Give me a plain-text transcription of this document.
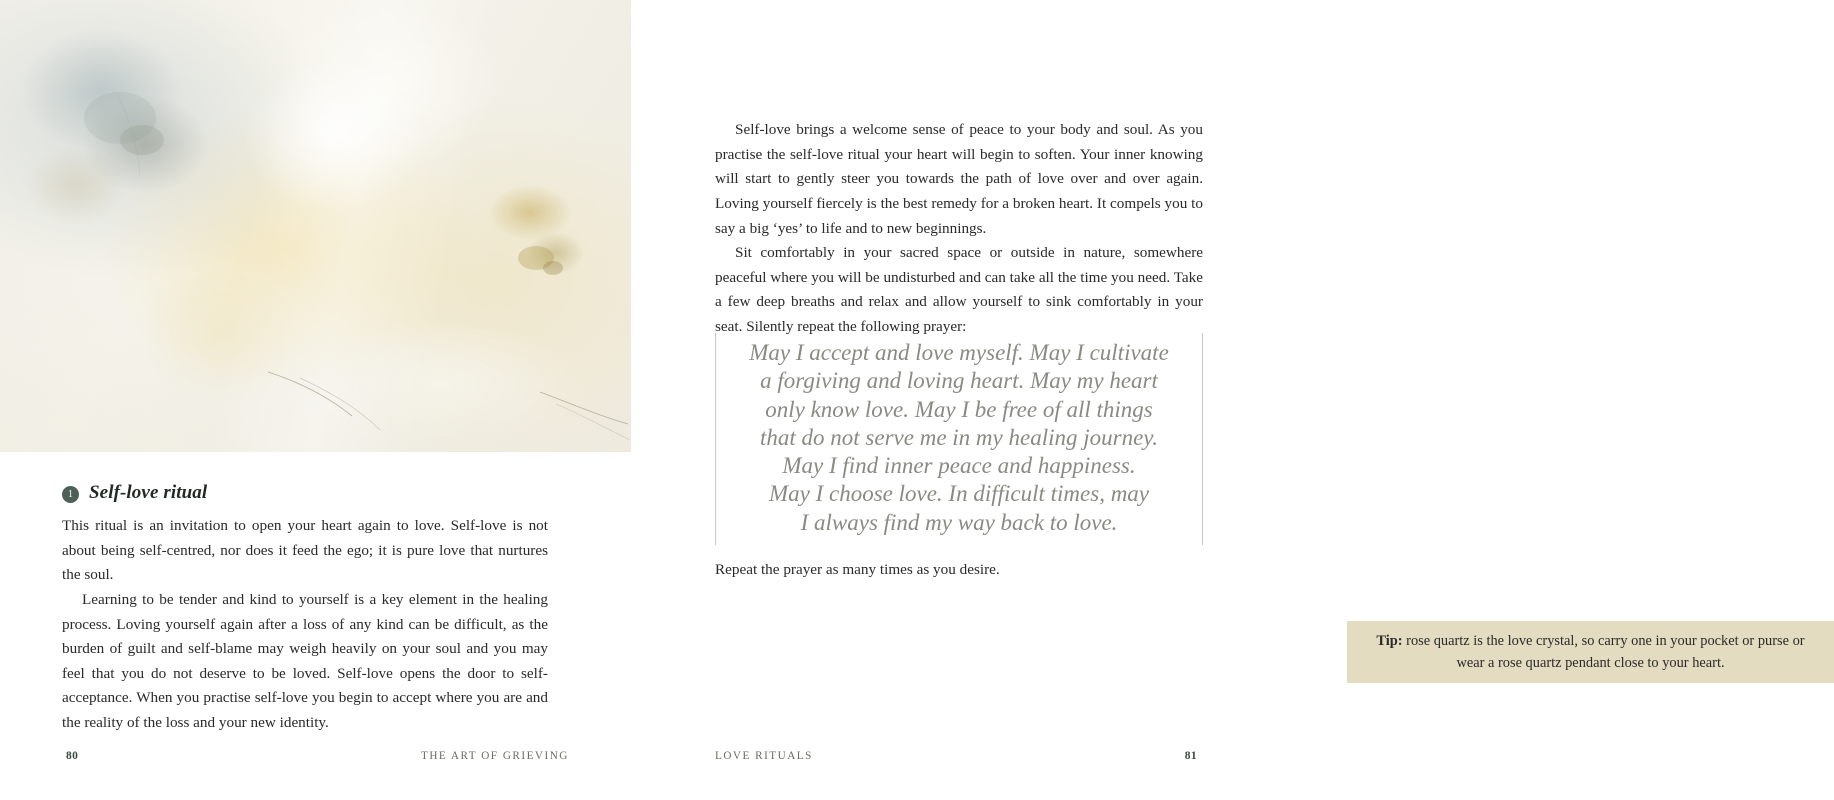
1 Self-love ritual

This ritual is an invitation to open your heart again to love. Self-love is not about being self-centred, nor does it feed the ego; it is pure love that nurtures the soul.

Learning to be tender and kind to yourself is a key element in the healing process. Loving yourself again after a loss of any kind can be difficult, as the burden of guilt and self-blame may weigh heavily on your soul and you may feel that you do not deserve to be loved. Self-love opens the door to self-acceptance. When you practise self-love you begin to accept where you are and the reality of the loss and your new identity.

80	THE ART OF GRIEVING

Self-love brings a welcome sense of peace to your body and soul. As you practise the self-love ritual your heart will begin to soften. Your inner knowing will start to gently steer you towards the path of love over and over again. Loving yourself fiercely is the best remedy for a broken heart. It compels you to say a big ‘yes’ to life and to new beginnings.

Sit comfortably in your sacred space or outside in nature, somewhere peaceful where you will be undisturbed and can take all the time you need. Take a few deep breaths and relax and allow yourself to sink comfortably in your seat. Silently repeat the following prayer:

May I accept and love myself. May I cultivate
a forgiving and loving heart. May my heart
only know love. May I be free of all things
that do not serve me in my healing journey.
May I find inner peace and happiness.
May I choose love. In difficult times, may
I always find my way back to love.
Repeat the prayer as many times as you desire.
Tip: rose quartz is the love crystal, so carry one in your pocket or purse or wear a rose quartz pendant close to your heart.
81
LOVE RITUALS
